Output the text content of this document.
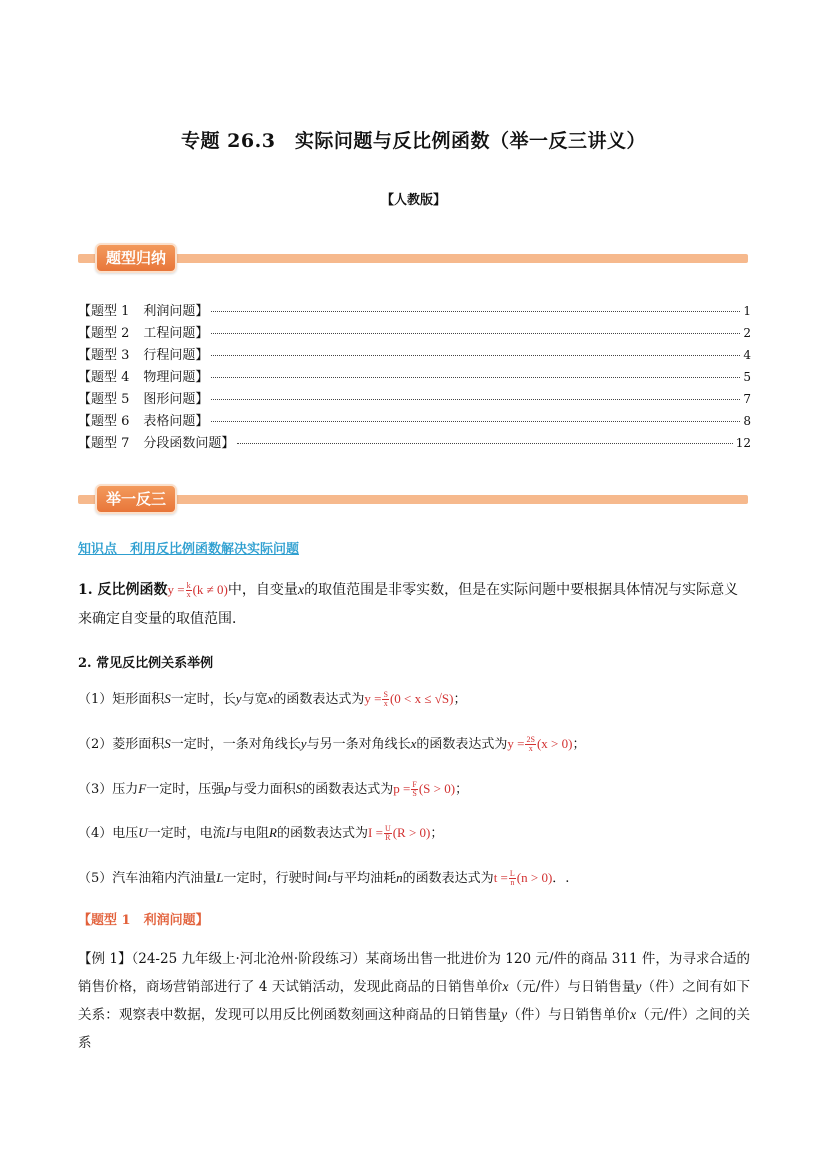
专题 26.3　实际问题与反比例函数（举一反三讲义）
【人教版】
题型归纳
【题型 1 利润问题】	1
【题型 2 工程问题】	2
【题型 3 行程问题】	4
【题型 4 物理问题】	5
【题型 5 图形问题】	7
【题型 6 表格问题】	8
【题型 7 分段函数问题】	12
举一反三
知识点　利用反比例函数解决实际问题
1. 反比例函数$y = \frac{k}{x} (k \ne 0)$中，自变量x的取值范围是非零实数，但是在实际问题中要根据具体情况与实际意义来确定自变量的取值范围．
2. 常见反比例关系举例
（1）矩形面积S一定时，长y与宽x的函数表达式为$y = \frac{S}{x} (0 < x \le √S)$；
（2）菱形面积S一定时，一条对角线长y与另一条对角线长x的函数表达式为$y = \frac{2S}{x} (x > 0)$；
（3）压力F一定时，压强p与受力面积S的函数表达式为$p = \frac{F}{S} (S > 0)$；
（4）电压U一定时，电流I与电阻R的函数表达式为$I = \frac{U}{R} (R > 0)$；
（5）汽车油箱内汽油量L一定时，行驶时间t与平均油耗n的函数表达式为$t = \frac{L}{n} (n > 0)$．.
【题型 1　利润问题】
【例 1】（24-25 九年级上·河北沧州·阶段练习）某商场出售一批进价为 120 元/件的商品 311 件，为寻求合适的销售价格，商场营销部进行了 4 天试销活动，发现此商品的日销售单价x（元/件）与日销售量y（件）之间有如下关系：观察表中数据，发现可以用反比例函数刻画这种商品的日销售量y（件）与日销售单价x（元/件）之间的关系
